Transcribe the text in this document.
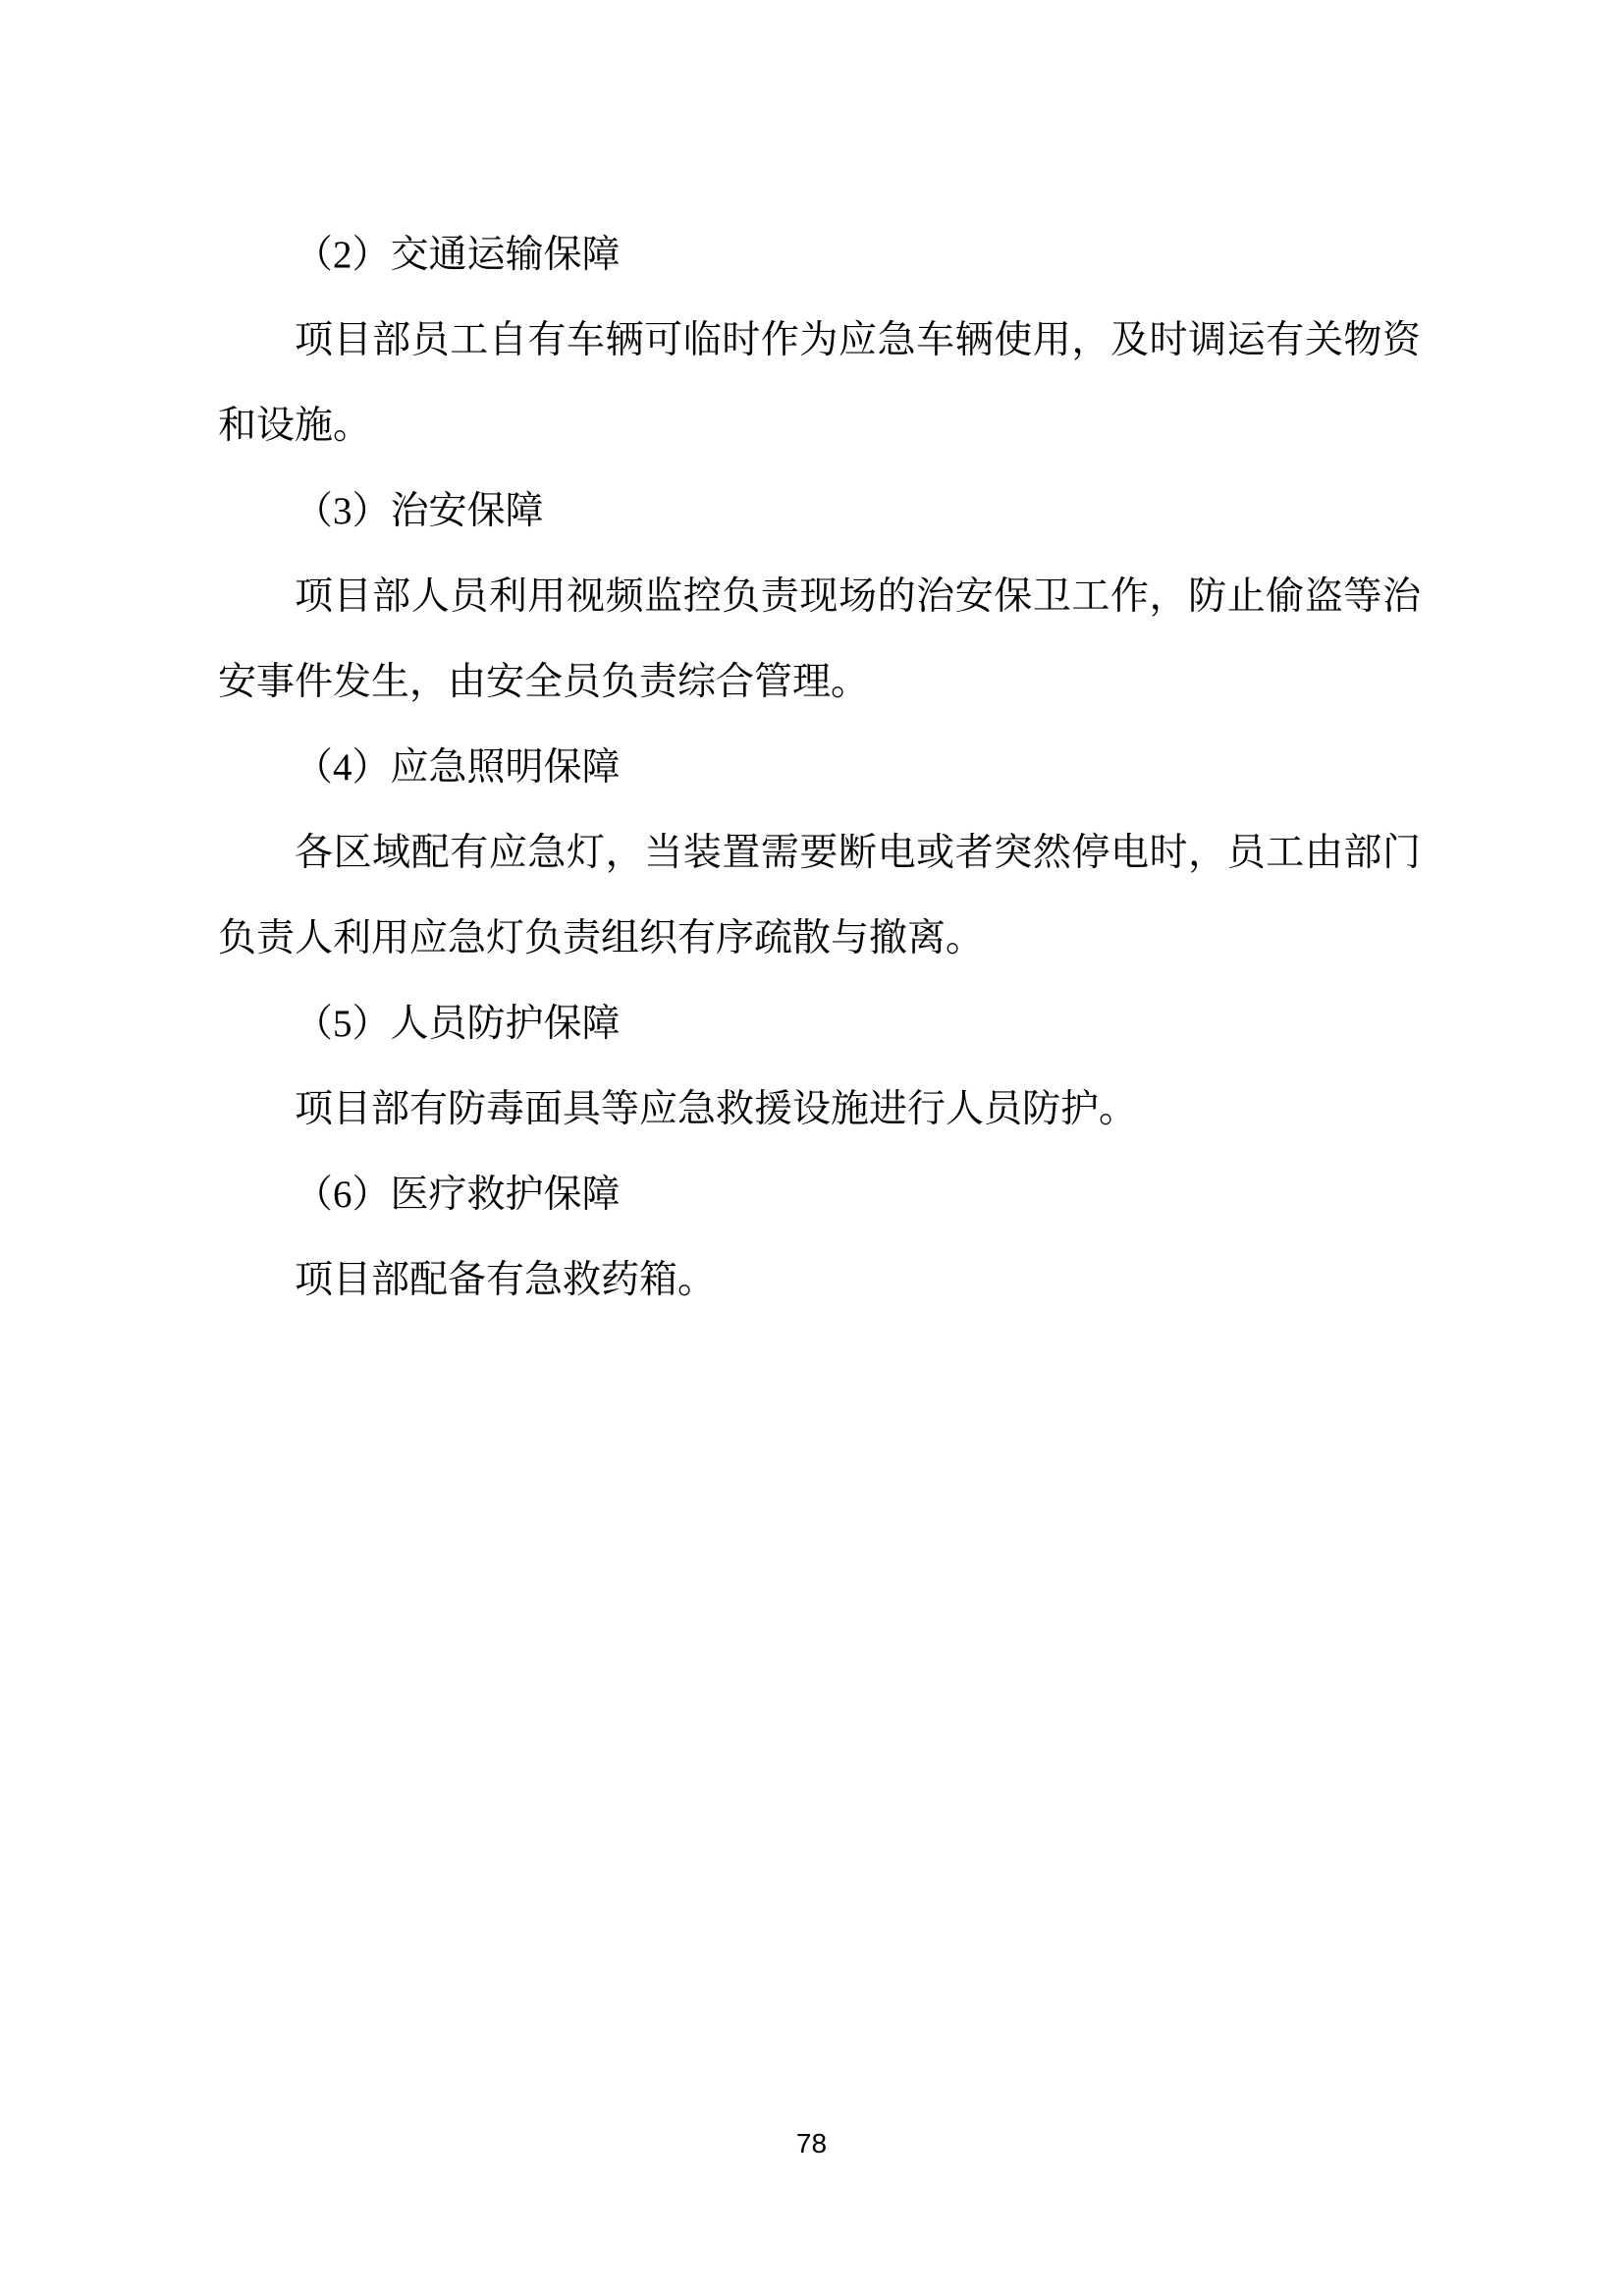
（2）交通运输保障

项目部员工自有车辆可临时作为应急车辆使用，及时调运有关物资和设施。

（3）治安保障

项目部人员利用视频监控负责现场的治安保卫工作，防止偷盗等治安事件发生，由安全员负责综合管理。

（4）应急照明保障

各区域配有应急灯，当装置需要断电或者突然停电时，员工由部门负责人利用应急灯负责组织有序疏散与撤离。

（5）人员防护保障

项目部有防毒面具等应急救援设施进行人员防护。

（6）医疗救护保障

项目部配备有急救药箱。

78
